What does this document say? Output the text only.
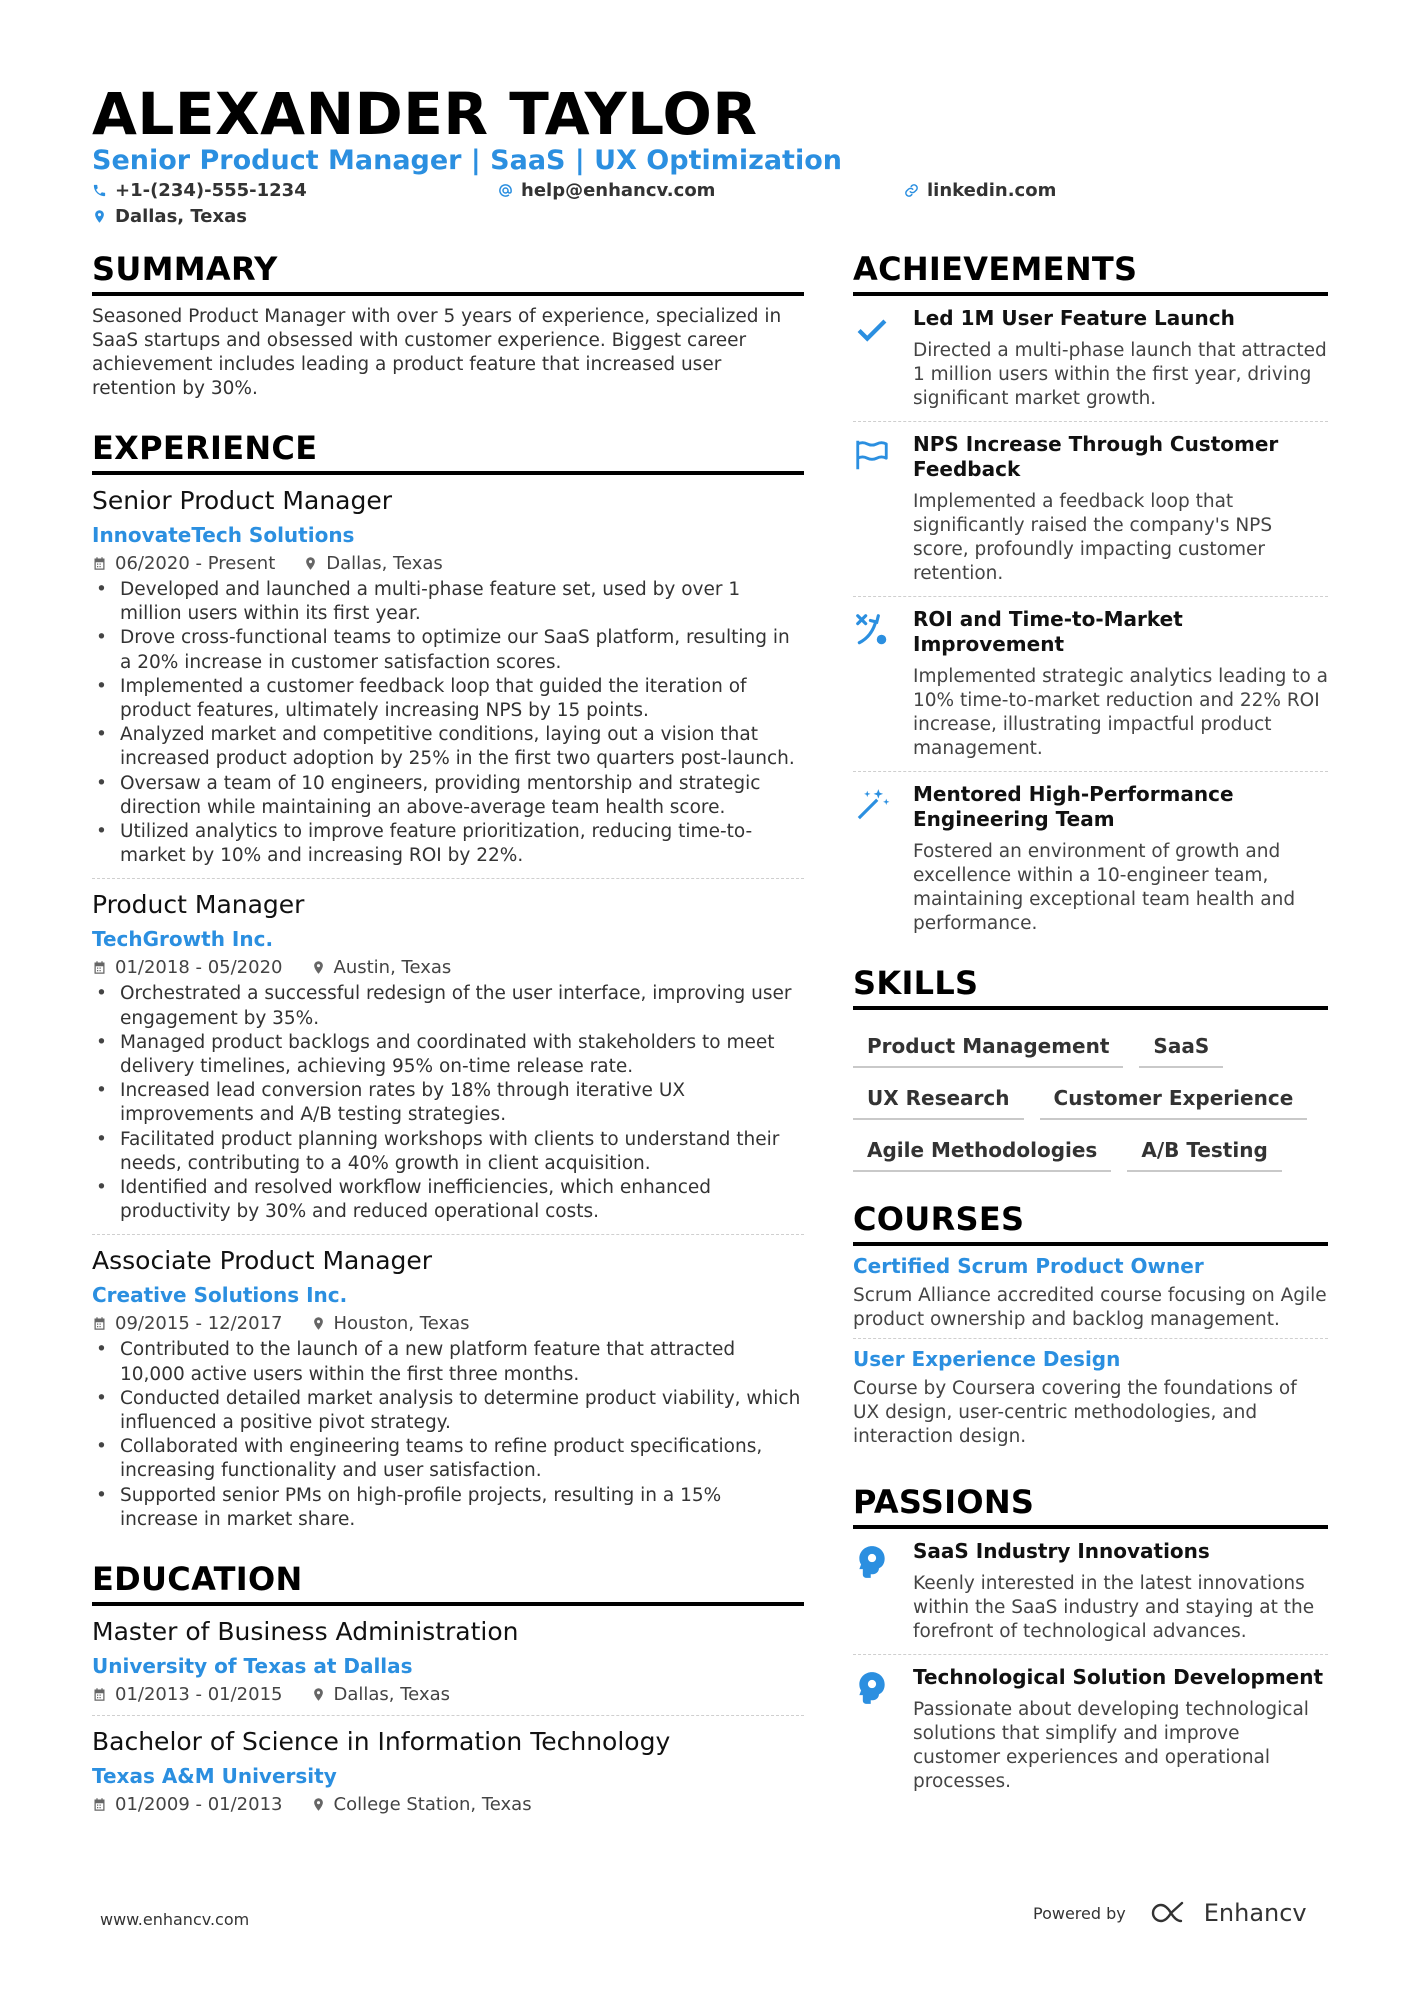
ALEXANDER TAYLOR
Senior Product Manager | SaaS | UX Optimization
+1-(234)-555-1234	help@enhancv.com	linkedin.com
Dallas, Texas
SUMMARY
Seasoned Product Manager with over 5 years of experience, specialized in SaaS startups and obsessed with customer experience. Biggest career achievement includes leading a product feature that increased user retention by 30%.
EXPERIENCE
Senior Product Manager
InnovateTech Solutions
06/2020 - Present	Dallas, Texas
• Developed and launched a multi-phase feature set, used by over 1 million users within its first year.
• Drove cross-functional teams to optimize our SaaS platform, resulting in a 20% increase in customer satisfaction scores.
• Implemented a customer feedback loop that guided the iteration of product features, ultimately increasing NPS by 15 points.
• Analyzed market and competitive conditions, laying out a vision that increased product adoption by 25% in the first two quarters post-launch.
• Oversaw a team of 10 engineers, providing mentorship and strategic direction while maintaining an above-average team health score.
• Utilized analytics to improve feature prioritization, reducing time-to-market by 10% and increasing ROI by 22%.
Product Manager
TechGrowth Inc.
01/2018 - 05/2020	Austin, Texas
• Orchestrated a successful redesign of the user interface, improving user engagement by 35%.
• Managed product backlogs and coordinated with stakeholders to meet delivery timelines, achieving 95% on-time release rate.
• Increased lead conversion rates by 18% through iterative UX improvements and A/B testing strategies.
• Facilitated product planning workshops with clients to understand their needs, contributing to a 40% growth in client acquisition.
• Identified and resolved workflow inefficiencies, which enhanced productivity by 30% and reduced operational costs.
Associate Product Manager
Creative Solutions Inc.
09/2015 - 12/2017	Houston, Texas
• Contributed to the launch of a new platform feature that attracted 10,000 active users within the first three months.
• Conducted detailed market analysis to determine product viability, which influenced a positive pivot strategy.
• Collaborated with engineering teams to refine product specifications, increasing functionality and user satisfaction.
• Supported senior PMs on high-profile projects, resulting in a 15% increase in market share.
EDUCATION
Master of Business Administration
University of Texas at Dallas
01/2013 - 01/2015	Dallas, Texas
Bachelor of Science in Information Technology
Texas A&M University
01/2009 - 01/2013	College Station, Texas
ACHIEVEMENTS
Led 1M User Feature Launch
Directed a multi-phase launch that attracted 1 million users within the first year, driving significant market growth.
NPS Increase Through Customer Feedback
Implemented a feedback loop that significantly raised the company's NPS score, profoundly impacting customer retention.
ROI and Time-to-Market Improvement
Implemented strategic analytics leading to a 10% time-to-market reduction and 22% ROI increase, illustrating impactful product management.
Mentored High-Performance Engineering Team
Fostered an environment of growth and excellence within a 10-engineer team, maintaining exceptional team health and performance.
SKILLS
Product Management	SaaS
UX Research	Customer Experience
Agile Methodologies	A/B Testing
COURSES
Certified Scrum Product Owner
Scrum Alliance accredited course focusing on Agile product ownership and backlog management.
User Experience Design
Course by Coursera covering the foundations of UX design, user-centric methodologies, and interaction design.
PASSIONS
SaaS Industry Innovations
Keenly interested in the latest innovations within the SaaS industry and staying at the forefront of technological advances.
Technological Solution Development
Passionate about developing technological solutions that simplify and improve customer experiences and operational processes.
www.enhancv.com	Powered by	Enhancv
